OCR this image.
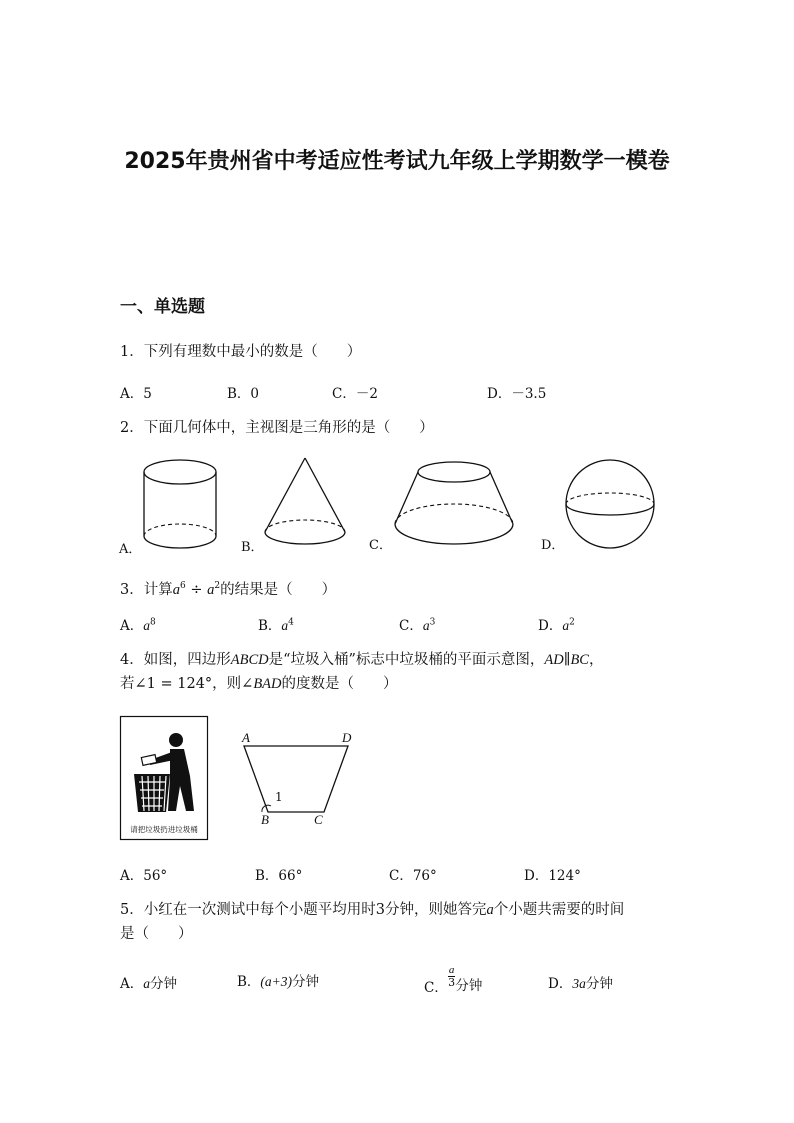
2025年贵州省中考适应性考试九年级上学期数学一模卷
一、单选题
1．下列有理数中最小的数是（　　）
A．5	B．0	C．－2	D．－3.5
2．下面几何体中，主视图是三角形的是（　　）
A．	B．	C．	D．
3．计算$a^6 \div a^2$的结果是（　　）
A．$a^8$	B．$a^4$	C．$a^3$	D．$a^2$
4．如图，四边形ABCD是“垃圾入桶”标志中垃圾桶的平面示意图，AD∥BC，
若∠1 = 124°，则∠BAD的度数是（　　）
请把垃圾扔进垃圾桶
A	D
B	C
1
A．56°	B．66°	C．76°	D．124°
5．小红在一次测试中每个小题平均用时3分钟，则她答完a个小题共需要的时间
是（　　）
A．a分钟	B．(a+3)分钟	C． $\frac{a}{3}$ 分钟	D．3a分钟
